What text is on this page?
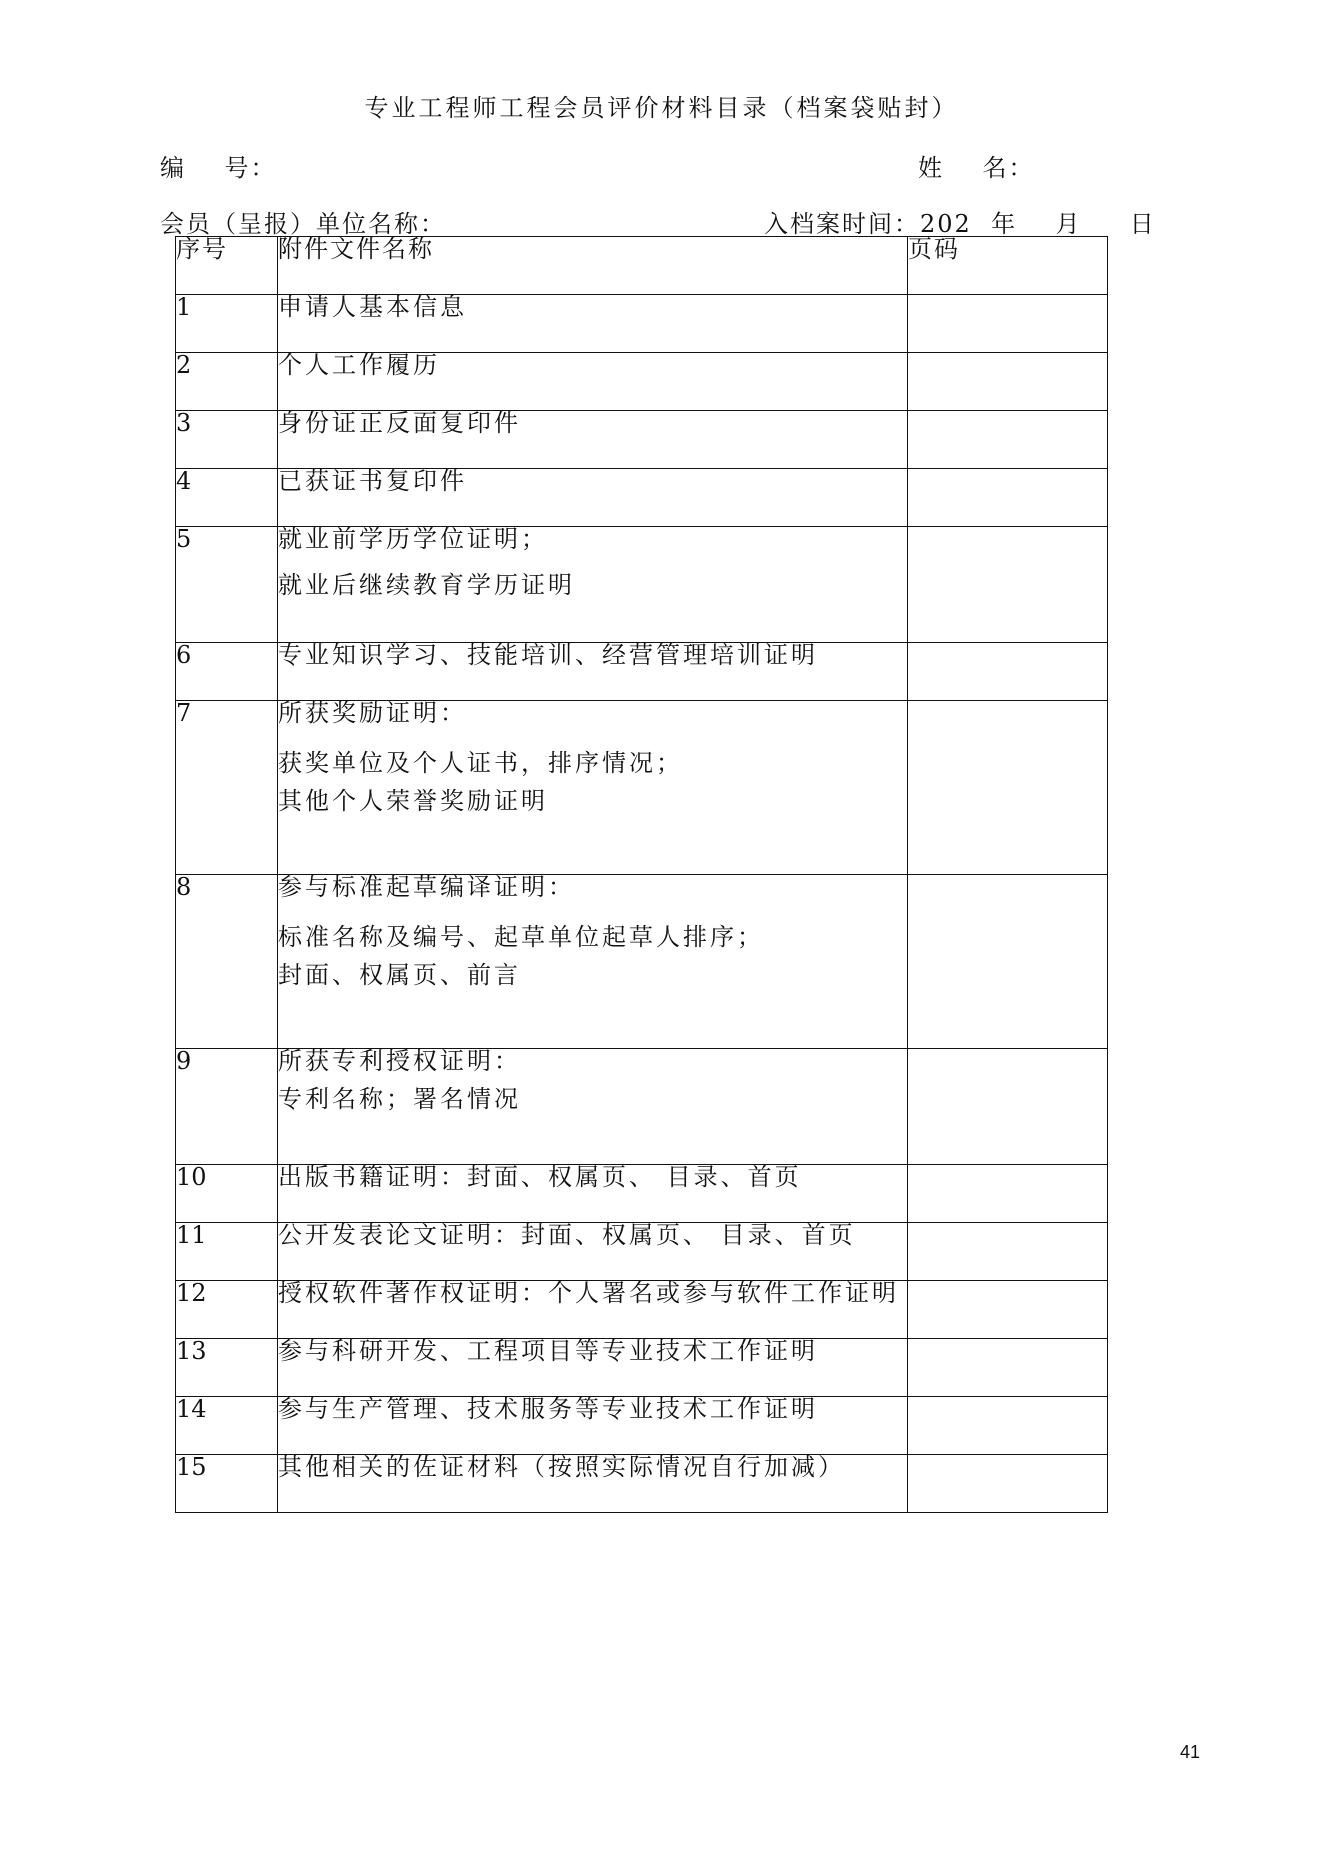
专业工程师工程会员评价材料目录（档案袋贴封）
编    号：	姓    名：
会员（呈报）单位名称：	入档案时间：202  年    月     日
序号	附件文件名称	页码
1	申请人基本信息	

2	个人工作履历	

3	身份证正反面复印件	

4	已获证书复印件	

5	就业前学历学位证明；
就业后继续教育学历证明	

6	专业知识学习、技能培训、经营管理培训证明	

7	所获奖励证明：
获奖单位及个人证书，排序情况；
其他个人荣誉奖励证明	

8	参与标准起草编译证明：
标准名称及编号、起草单位起草人排序；
封面、权属页、前言	

9	所获专利授权证明：
专利名称；署名情况	

10	出版书籍证明：封面、权属页、 目录、首页	

11	公开发表论文证明：封面、权属页、 目录、首页	

12	授权软件著作权证明：个人署名或参与软件工作证明	

13	参与科研开发、工程项目等专业技术工作证明	

14	参与生产管理、技术服务等专业技术工作证明	

15	其他相关的佐证材料（按照实际情况自行加减）	

41
